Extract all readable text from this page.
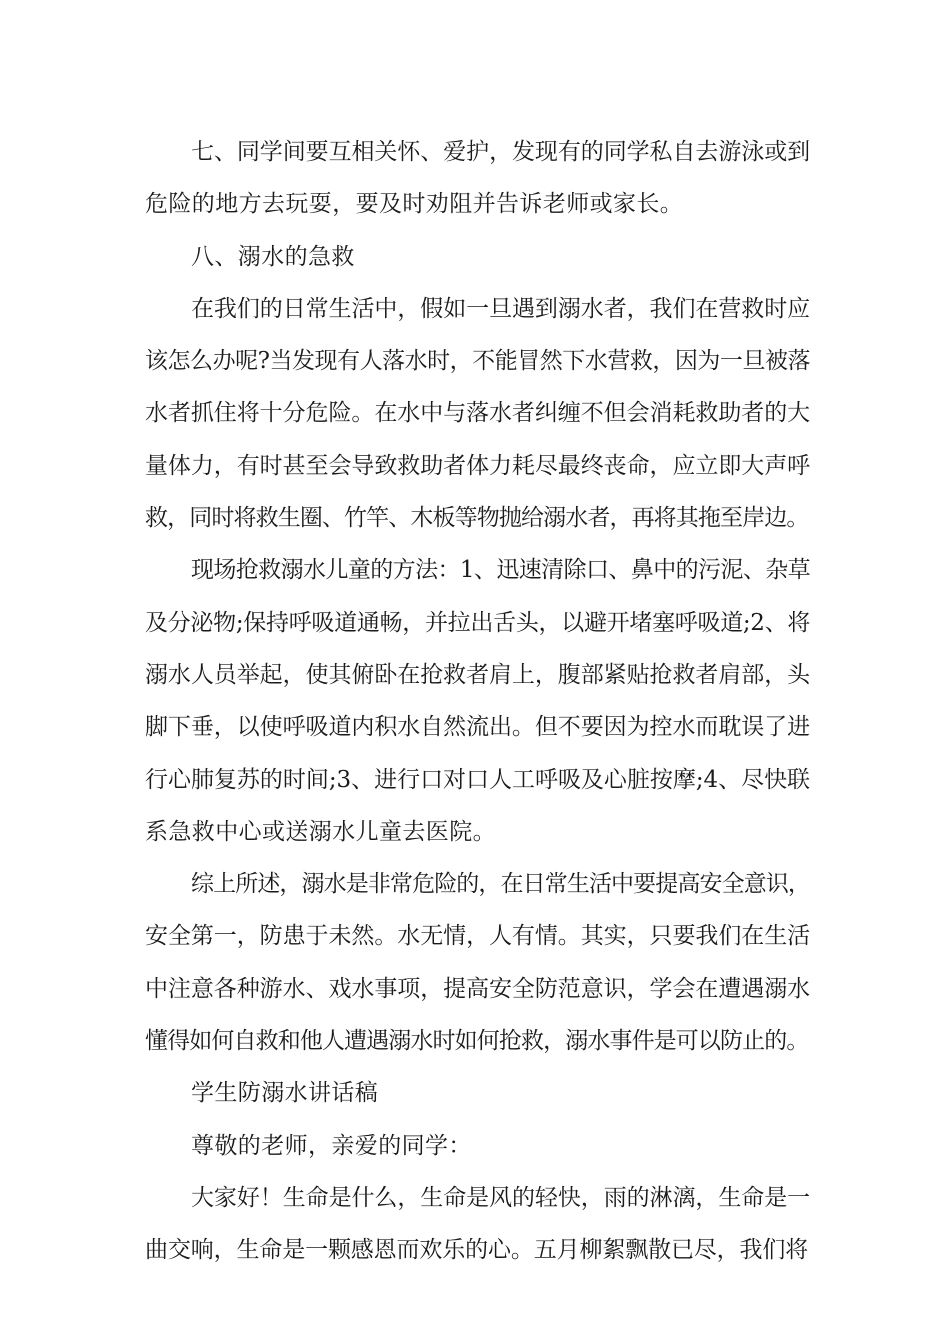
七、同学间要互相关怀、爱护，发现有的同学私自去游泳或到
危险的地方去玩耍，要及时劝阻并告诉老师或家长。
八、溺水的急救
在我们的日常生活中，假如一旦遇到溺水者，我们在营救时应
该怎么办呢?当发现有人落水时，不能冒然下水营救，因为一旦被落
水者抓住将十分危险。在水中与落水者纠缠不但会消耗救助者的大
量体力，有时甚至会导致救助者体力耗尽最终丧命，应立即大声呼
救，同时将救生圈、竹竿、木板等物抛给溺水者，再将其拖至岸边。
现场抢救溺水儿童的方法：1、迅速清除口、鼻中的污泥、杂草
及分泌物;保持呼吸道通畅，并拉出舌头，以避开堵塞呼吸道;2、将
溺水人员举起，使其俯卧在抢救者肩上，腹部紧贴抢救者肩部，头
脚下垂，以使呼吸道内积水自然流出。但不要因为控水而耽误了进
行心肺复苏的时间;3、进行口对口人工呼吸及心脏按摩;4、尽快联
系急救中心或送溺水儿童去医院。
综上所述，溺水是非常危险的，在日常生活中要提高安全意识，
安全第一，防患于未然。水无情，人有情。其实，只要我们在生活
中注意各种游水、戏水事项，提高安全防范意识，学会在遭遇溺水
懂得如何自救和他人遭遇溺水时如何抢救，溺水事件是可以防止的。
学生防溺水讲话稿
尊敬的老师，亲爱的同学：
大家好！生命是什么，生命是风的轻快，雨的淋漓，生命是一
曲交响，生命是一颗感恩而欢乐的心。五月柳絮飘散已尽，我们将
